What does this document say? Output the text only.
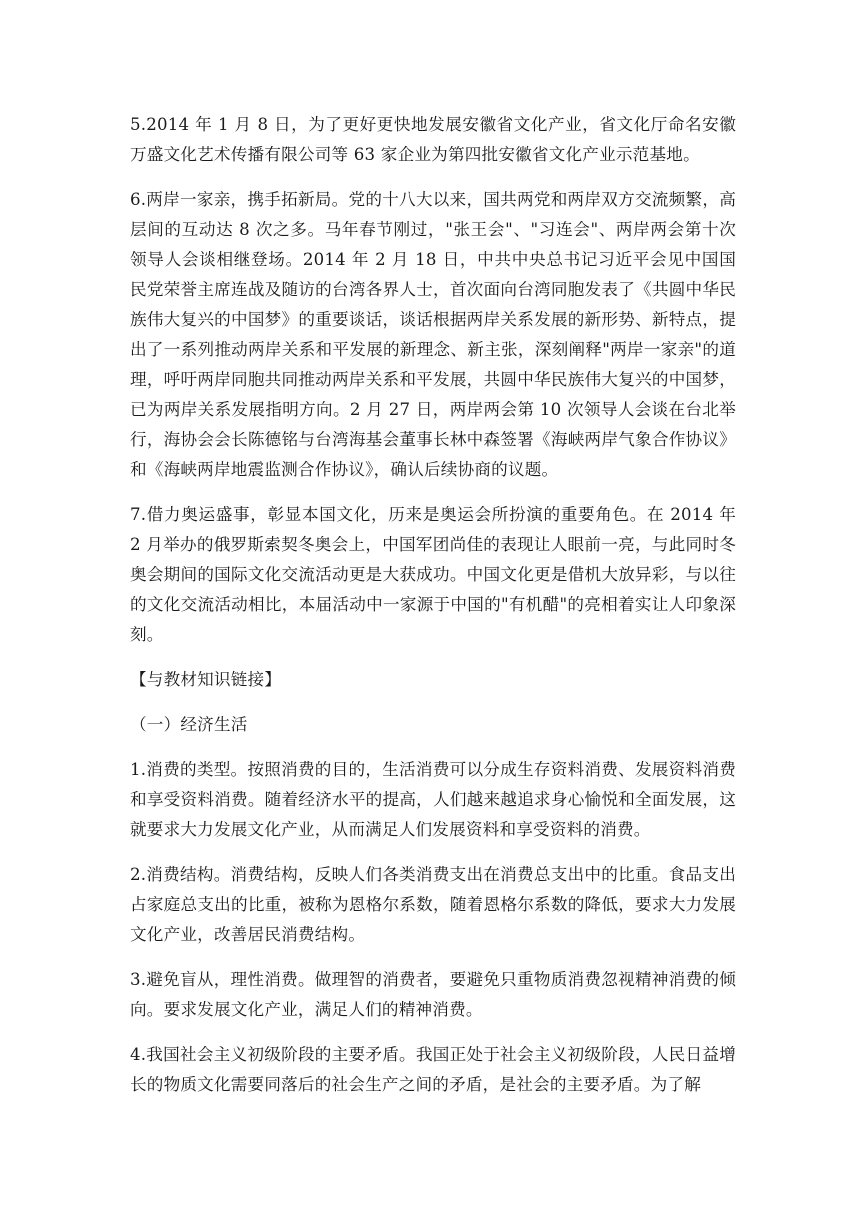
5.2014 年 1 月 8 日，为了更好更快地发展安徽省文化产业，省文化厅命名安徽万盛文化艺术传播有限公司等 63 家企业为第四批安徽省文化产业示范基地。

6.两岸一家亲，携手拓新局。党的十八大以来，国共两党和两岸双方交流频繁，高层间的互动达 8 次之多。马年春节刚过，"张王会"、"习连会"、两岸两会第十次领导人会谈相继登场。2014 年 2 月 18 日，中共中央总书记习近平会见中国国民党荣誉主席连战及随访的台湾各界人士，首次面向台湾同胞发表了《共圆中华民族伟大复兴的中国梦》的重要谈话，谈话根据两岸关系发展的新形势、新特点，提出了一系列推动两岸关系和平发展的新理念、新主张，深刻阐释"两岸一家亲"的道理，呼吁两岸同胞共同推动两岸关系和平发展，共圆中华民族伟大复兴的中国梦，已为两岸关系发展指明方向。2 月 27 日，两岸两会第 10 次领导人会谈在台北举行，海协会会长陈德铭与台湾海基会董事长林中森签署《海峡两岸气象合作协议》和《海峡两岸地震监测合作协议》，确认后续协商的议题。

7.借力奥运盛事，彰显本国文化，历来是奥运会所扮演的重要角色。在 2014 年 2 月举办的俄罗斯索契冬奥会上，中国军团尚佳的表现让人眼前一亮，与此同时冬奥会期间的国际文化交流活动更是大获成功。中国文化更是借机大放异彩，与以往的文化交流活动相比，本届活动中一家源于中国的"有机醋"的亮相着实让人印象深刻。

【与教材知识链接】

（一）经济生活

1.消费的类型。按照消费的目的，生活消费可以分成生存资料消费、发展资料消费和享受资料消费。随着经济水平的提高，人们越来越追求身心愉悦和全面发展，这就要求大力发展文化产业，从而满足人们发展资料和享受资料的消费。

2.消费结构。消费结构，反映人们各类消费支出在消费总支出中的比重。食品支出占家庭总支出的比重，被称为恩格尔系数，随着恩格尔系数的降低，要求大力发展文化产业，改善居民消费结构。

3.避免盲从，理性消费。做理智的消费者，要避免只重物质消费忽视精神消费的倾向。要求发展文化产业，满足人们的精神消费。

4.我国社会主义初级阶段的主要矛盾。我国正处于社会主义初级阶段，人民日益增长的物质文化需要同落后的社会生产之间的矛盾，是社会的主要矛盾。为了解
